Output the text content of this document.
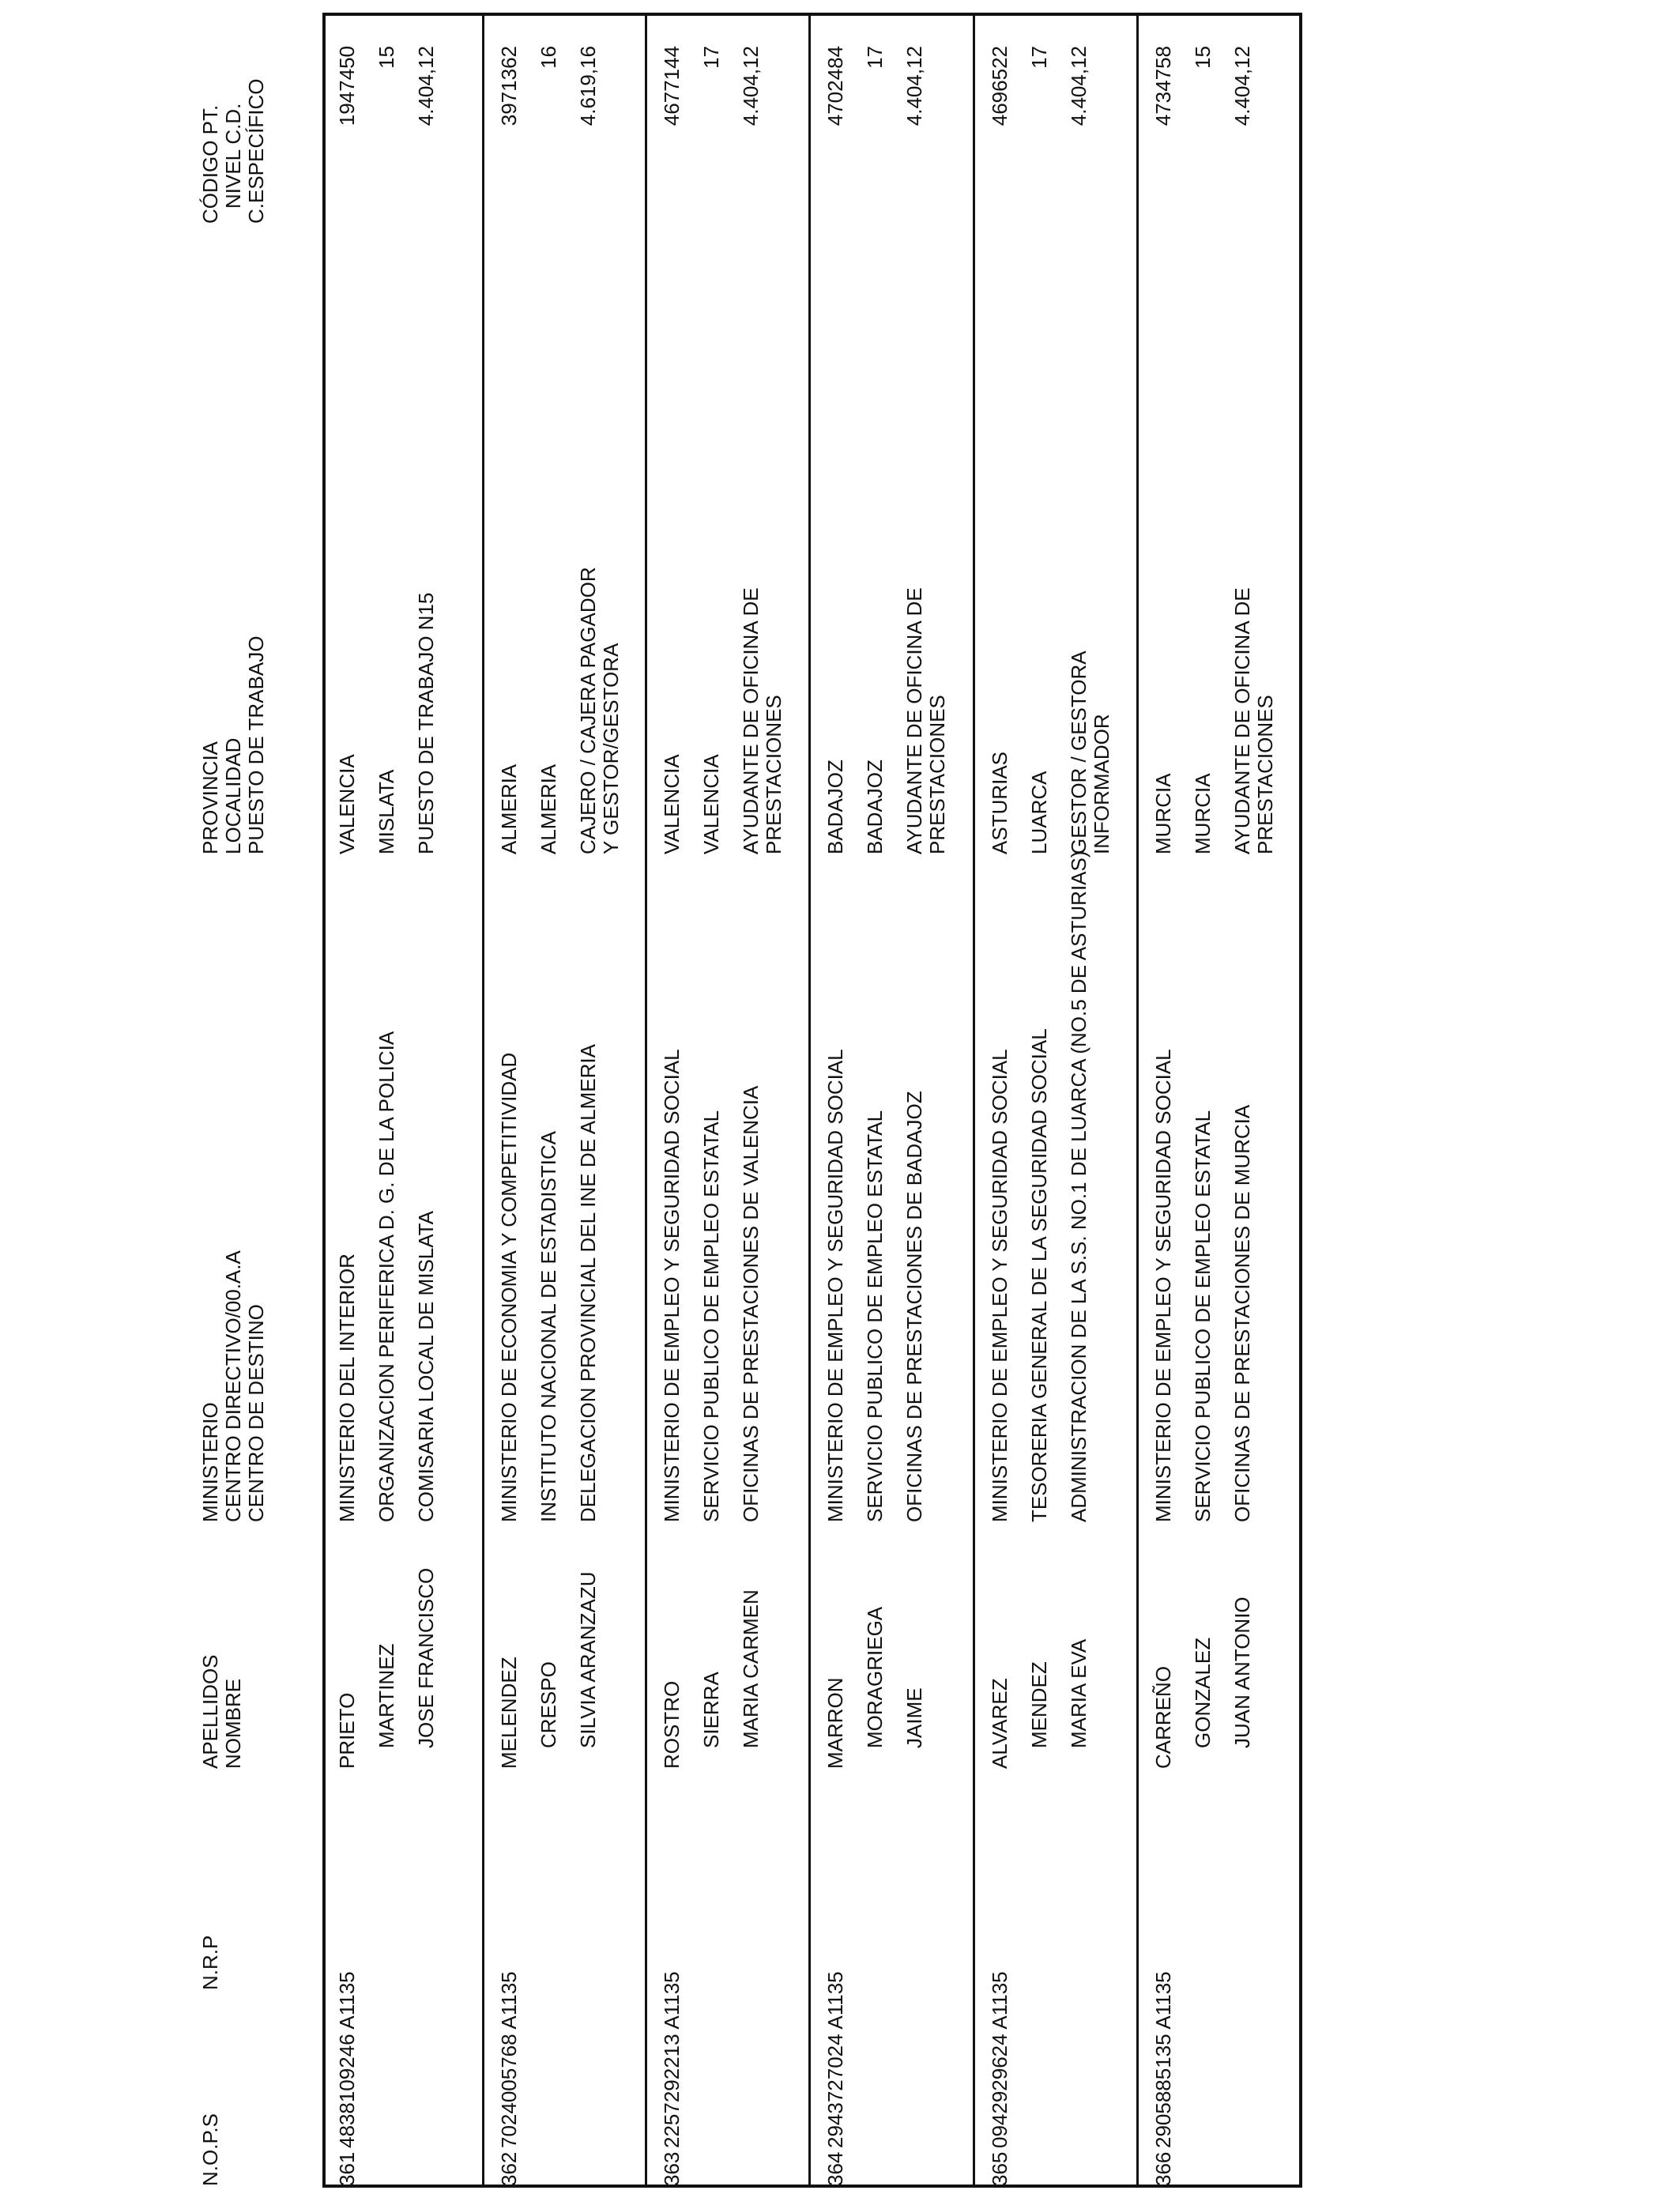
N.O.P.S
N.R.P
APELLIDOS NOMBRE
MINISTERIO CENTRO DIRECTIVO/00.A.A CENTRO DE DESTINO
PROVINCIA LOCALIDAD PUESTO DE TRABAJO
CÓDIGO PT. NIVEL C.D. C.ESPECÍFICO
361
4838109246 A1135
PRIETO MARTINEZ JOSE FRANCISCO
MINISTERIO DEL INTERIOR ORGANIZACION PERIFERICA D. G. DE LA POLICIA COMISARIA LOCAL DE MISLATA
VALENCIA MISLATA PUESTO DE TRABAJO N15
1947450 15 4.404,12
362
7024005768 A1135
MELENDEZ CRESPO SILVIA ARANZAZU
MINISTERIO DE ECONOMIA Y COMPETITIVIDAD INSTITUTO NACIONAL DE ESTADISTICA DELEGACION PROVINCIAL DEL INE DE ALMERIA
ALMERIA ALMERIA CAJERO / CAJERA PAGADOR Y GESTOR/GESTORA
3971362 16 4.619,16
363
2257292213 A1135
ROSTRO SIERRA MARIA CARMEN
MINISTERIO DE EMPLEO Y SEGURIDAD SOCIAL SERVICIO PUBLICO DE EMPLEO ESTATAL OFICINAS DE PRESTACIONES DE VALENCIA
VALENCIA VALENCIA AYUDANTE DE OFICINA DE PRESTACIONES
4677144 17 4.404,12
364
2943727024 A1135
MARRON MORAGRIEGA JAIME
MINISTERIO DE EMPLEO Y SEGURIDAD SOCIAL SERVICIO PUBLICO DE EMPLEO ESTATAL OFICINAS DE PRESTACIONES DE BADAJOZ
BADAJOZ BADAJOZ AYUDANTE DE OFICINA DE PRESTACIONES
4702484 17 4.404,12
365
0942929624 A1135
ALVAREZ MENDEZ MARIA EVA
MINISTERIO DE EMPLEO Y SEGURIDAD SOCIAL TESORERIA GENERAL DE LA SEGURIDAD SOCIAL ADMINISTRACION DE LA S.S. NO.1 DE LUARCA (NO.5 DE ASTURIAS)
ASTURIAS LUARCA GESTOR / GESTORA INFORMADOR
4696522 17 4.404,12
366
2905885135 A1135
CARREÑO GONZALEZ JUAN ANTONIO
MINISTERIO DE EMPLEO Y SEGURIDAD SOCIAL SERVICIO PUBLICO DE EMPLEO ESTATAL OFICINAS DE PRESTACIONES DE MURCIA
MURCIA MURCIA AYUDANTE DE OFICINA DE PRESTACIONES
4734758 15 4.404,12
